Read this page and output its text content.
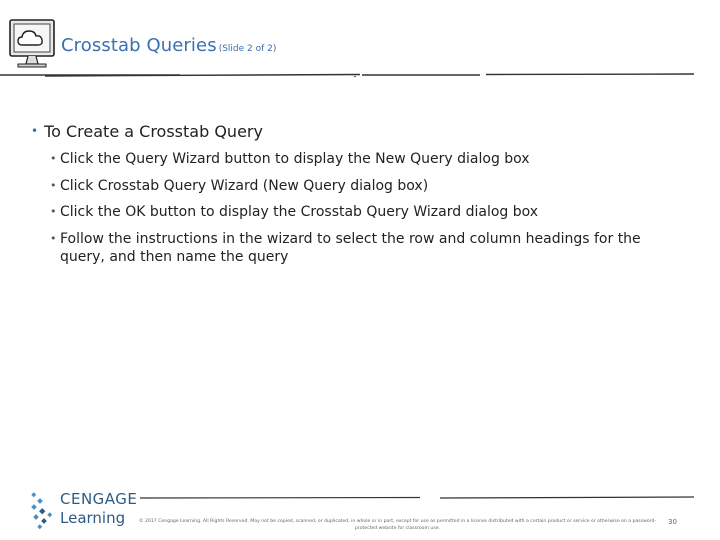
Crosstab Queries (Slide 2 of 2)
• To Create a Crosstab Query
• Click the Query Wizard button to display the New Query dialog box
• Click Crosstab Query Wizard (New Query dialog box)
• Click the OK button to display the Crosstab Query Wizard dialog box
• Follow the instructions in the wizard to select the row and column headings for the query, and then name the query
CENGAGE
Learning	© 2017 Cengage Learning. All Rights Reserved. May not be copied, scanned, or duplicated, in whole or in part, except for use as permitted in a license distributed with a certain product or service or otherwise on a password-protected website for classroom use.
30
